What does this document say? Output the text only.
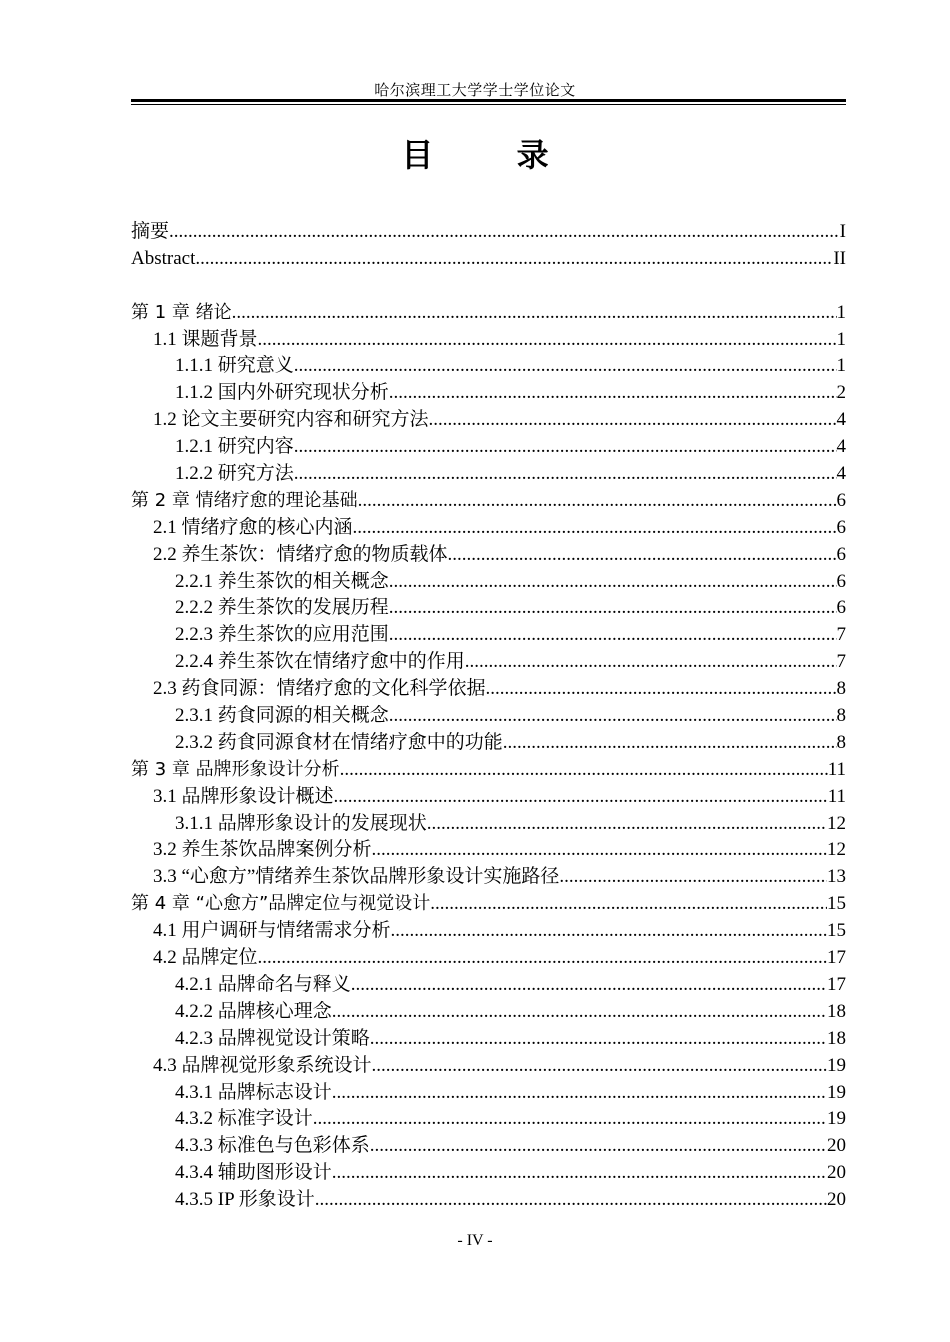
哈尔滨理工大学学士学位论文
目 录
摘要 .....	I
Abstract .....	II
第 1 章 绪论 .....	1
1.1 课题背景 .....	1
1.1.1 研究意义 .....	1
1.1.2 国内外研究现状分析 .....	2
1.2 论文主要研究内容和研究方法 .....	4
1.2.1 研究内容 .....	4
1.2.2 研究方法 .....	4
第 2 章 情绪疗愈的理论基础 .....	6
2.1 情绪疗愈的核心内涵 .....	6
2.2 养生茶饮：情绪疗愈的物质载体 .....	6
2.2.1 养生茶饮的相关概念 .....	6
2.2.2 养生茶饮的发展历程 .....	6
2.2.3 养生茶饮的应用范围 .....	7
2.2.4 养生茶饮在情绪疗愈中的作用 .....	7
2.3 药食同源：情绪疗愈的文化科学依据 .....	8
2.3.1 药食同源的相关概念 .....	8
2.3.2 药食同源食材在情绪疗愈中的功能 .....	8
第 3 章 品牌形象设计分析 .....	11
3.1 品牌形象设计概述 .....	11
3.1.1 品牌形象设计的发展现状 .....	12
3.2 养生茶饮品牌案例分析 .....	12
3.3 “心愈方”情绪养生茶饮品牌形象设计实施路径 .....	13
第 4 章 “心愈方”品牌定位与视觉设计 .....	15
4.1 用户调研与情绪需求分析 .....	15
4.2 品牌定位 .....	17
4.2.1 品牌命名与释义 .....	17
4.2.2 品牌核心理念 .....	18
4.2.3 品牌视觉设计策略 .....	18
4.3 品牌视觉形象系统设计 .....	19
4.3.1 品牌标志设计 .....	19
4.3.2 标准字设计 .....	19
4.3.3 标准色与色彩体系 .....	20
4.3.4 辅助图形设计 .....	20
4.3.5 IP 形象设计 .....	20
- IV -
